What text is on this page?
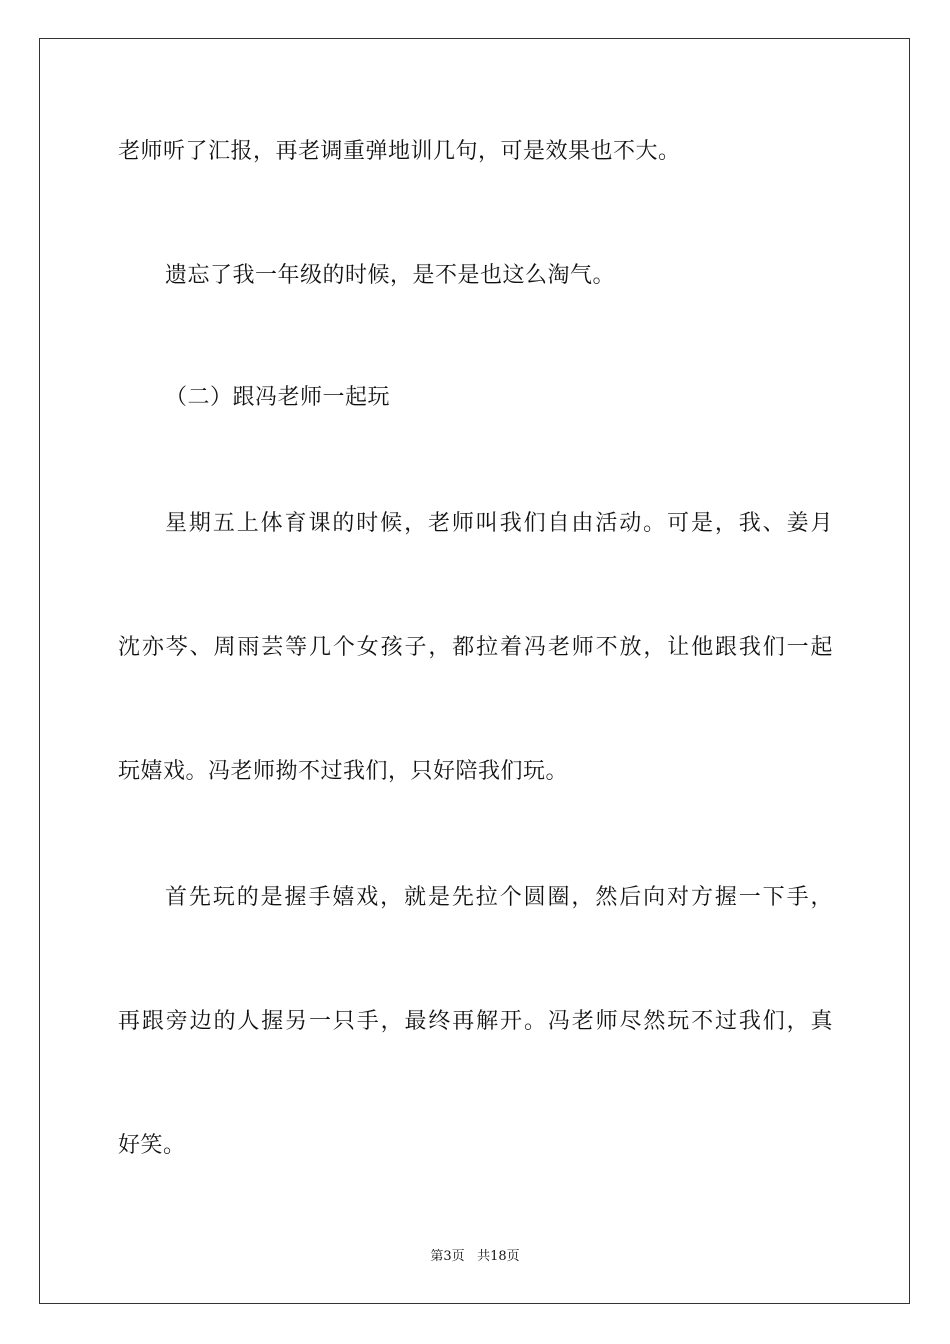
老师听了汇报，再老调重弹地训几句，可是效果也不大。
遗忘了我一年级的时候，是不是也这么淘气。
（二）跟冯老师一起玩
星期五上体育课的时候，老师叫我们自由活动。可是，我、姜月
沈亦芩、周雨芸等几个女孩子，都拉着冯老师不放，让他跟我们一起
玩嬉戏。冯老师拗不过我们，只好陪我们玩。
首先玩的是握手嬉戏，就是先拉个圆圈，然后向对方握一下手，
再跟旁边的人握另一只手，最终再解开。冯老师尽然玩不过我们，真
好笑。
第3页 共18页
